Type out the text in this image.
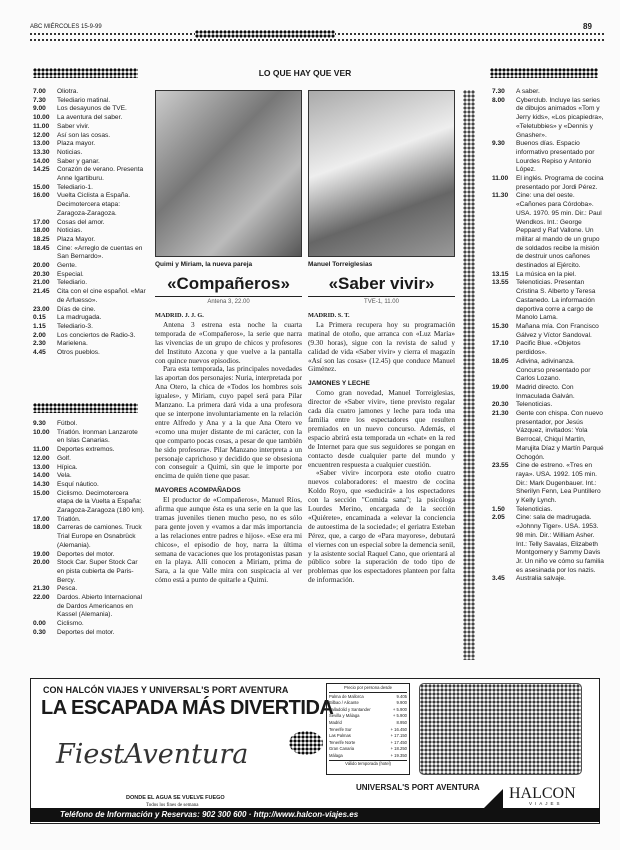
ABC MIÉRCOLES 15-9-99	89
LO QUE HAY QUE VER
7.00	Oliotra.
7.30	Telediario matinal.
9.00	Los desayunos de TVE.
10.00	La aventura del saber.
11.00	Saber vivir.
12.00	Así son las cosas.
13.00	Plaza mayor.
13.30	Noticias.
14.00	Saber y ganar.
14.25	Corazón de verano. Presenta Anne Igartiburu.
15.00	Telediario-1.
16.00	Vuelta Ciclista a España. Decimotercera etapa: Zaragoza-Zaragoza.
17.00	Cosas del amor.
18.00	Noticias.
18.25	Plaza Mayor.
18.45	Cine: «Arreglo de cuentas en San Bernardo».
20.00	Gente.
20.30	Especial.
21.00	Telediario.
21.45	Cita con el cine español. «Mar de Arfuesso».
23.00	Días de cine.
0.15	La madrugada.
1.15	Telediario-3.
2.00	Los conciertos de Radio-3.
2.30	Marielena.
4.45	Otros pueblos.
9.30	Fútbol.
10.00	Triatlón. Ironman Lanzarote en Islas Canarias.
11.00	Deportes extremos.
12.00	Golf.
13.00	Hípica.
14.00	Vela.
14.30	Esquí náutico.
15.00	Ciclismo. Decimotercera etapa de la Vuelta a España: Zaragoza-Zaragoza (180 km).
17.00	Triatlón.
18.00	Carreras de camiones. Truck Trial Europe en Osnabrück (Alemania).
19.00	Deportes del motor.
20.00	Stock Car. Super Stock Car en pista cubierta de Paris-Bercy.
21.30	Pesca.
22.00	Dardos. Abierto Internacional de Dardos Americanos en Kassel (Alemania).
0.00	Ciclismo.
0.30	Deportes del motor.
7.30	A saber.
8.00	Cyberclub. Incluye las series de dibujos animados «Tom y Jerry kids», «Los picapiedra», «Teletubbies» y «Dennis y Gnasher».
9.30	Buenos días. Espacio informativo presentado por Lourdes Repiso y Antonio López.
11.00	El inglés. Programa de cocina presentado por Jordi Pérez.
11.30	Cine: una del oeste. «Cañones para Córdoba». USA. 1970. 95 min. Dir.: Paul Wendkos. Int.: George Peppard y Raf Vallone. Un militar al mando de un grupo de soldados recibe la misión de destruir unos cañones destinados al Ejército.
13.15	La música en la piel.
13.55	Telenoticias. Presentan Cristina S. Alberto y Teresa Castanedo. La información deportiva corre a cargo de Manolo Lama.
15.30	Mañana mía. Con Francisco Gálvez y Víctor Sandoval.
17.10	Pacific Blue. «Objetos perdidos».
18.05	Adivina, adivinanza. Concurso presentado por Carlos Lozano.
19.00	Madrid directo. Con Inmaculada Galván.
20.30	Telenoticias.
21.30	Gente con chispa. Con nuevo presentador, por Jesús Vázquez, invitados: Yola Berrocal, Chiquí Martín, Marujita Díaz y Martín Parqué Ochogón.
23.55	Cine de estreno. «Tres en raya». USA. 1992. 105 min. Dir.: Mark Dugenbauer. Int.: Sherilyn Fenn, Lea Puntillero y Kelly Lynch.
1.50	Telenoticias.
2.05	Cine: sala de madrugada. «Johnny Tiger». USA. 1953. 98 min. Dir.: William Asher. Int.: Telly Savalas, Elizabeth Montgomery y Sammy Davis Jr. Un niño ve cómo su familia es asesinada por los nazis.
3.45	Australia salvaje.
Quimi y Miriam, la nueva pareja
«Compañeros»
Antena 3, 22.00

MADRID. J. J. G.

Antena 3 estrena esta noche la cuarta temporada de «Compañeros», la serie que narra las vivencias de un grupo de chicos y profesores del Instituto Azcona y que vuelve a la pantalla con quince nuevos episodios.

Para esta temporada, las principales novedades las aportan dos personajes: Nuria, interpretada por Ana Otero, la chica de «Todos los hombres sois iguales», y Miriam, cuyo papel será para Pilar Manzano. La primera dará vida a una profesora que se interpone involuntariamente en la relación entre Alfredo y Ana y a la que Ana Otero ve «como una mujer distante de mi carácter, con la que comparto pocas cosas, a pesar de que también he sido profesora». Pilar Manzano interpreta a un personaje caprichoso y decidido que se obsesiona con conseguir a Quimi, sin que le importe por encima de quién tiene que pasar.

MAYORES ACOMPAÑADOS

El productor de «Compañeros», Manuel Ríos, afirma que aunque ésta es una serie en la que las tramas juveniles tienen mucho peso, no es sólo para gente joven y «vamos a dar más importancia a las relaciones entre padres e hijos». «Ese era mi chicos», el episodio de hoy, narra la última semana de vacaciones que los protagonistas pasan en la playa. Allí conocen a Miriam, prima de Sara, a la que Valle mira con suspicacia al ver cómo está a punto de quitarle a Quimi.

Manuel Torreiglesias
«Saber vivir»
TVE-1, 11.00

MADRID. S. T.

La Primera recupera hoy su programación matinal de otoño, que arranca con «Luz María» (9.30 horas), sigue con la revista de salud y calidad de vida «Saber vivir» y cierra el magazín «Así son las cosas» (12.45) que conduce Manuel Giménez.

JAMONES Y LECHE

Como gran novedad, Manuel Torreiglesias, director de «Saber vivir», tiene previsto regalar cada día cuatro jamones y leche para toda una familia entre los espectadores que resulten premiados en un nuevo concurso. Además, el espacio abrirá esta temporada un «chat» en la red de Internet para que sus seguidores se pongan en contacto desde cualquier parte del mundo y encuentren respuesta a cualquier cuestión.

«Saber vivir» incorpora este otoño cuatro nuevos colaboradores: el maestro de cocina Koldo Royo, que «seducirá» a los espectadores con la sección "Comida sana"; la psicóloga Lourdes Merino, encargada de la sección «Quiérete», encaminada a «elevar la conciencia de autoestima de la sociedad»; el geriatra Esteban Pérez, que, a cargo de «Para mayores», debutará el viernes con un especial sobre la demencia senil, y la asistente social Raquel Cano, que orientará al público sobre la superación de todo tipo de problemas que los espectadores planteen por falta de información.

CON HALCÓN VIAJES Y UNIVERSAL'S PORT AVENTURA
LA ESCAPADA MÁS DIVERTIDA
FiestAventura
DONDE EL AGUA SE VUELVE FUEGO
Todos los fines de semana
Precio por persona desde
Palma de Mallorca	9.405
Bilbao / Alicante	9.900
Valladolid y Santander	+ 5.900
Sevilla y Málaga	+ 5.900
Madrid	8.950
Tenerife Sur	+ 16.450
Las Palmas	+ 17.150
Tenerife Norte	+ 17.450
Gran Canaria	+ 18.250
Málaga	+ 19.350
Válido temporada (hotel)
UNIVERSAL'S PORT AVENTURA HALCON
VIAJES
Teléfono de Información y Reservas: 902 300 600 · http://www.halcon-viajes.es
